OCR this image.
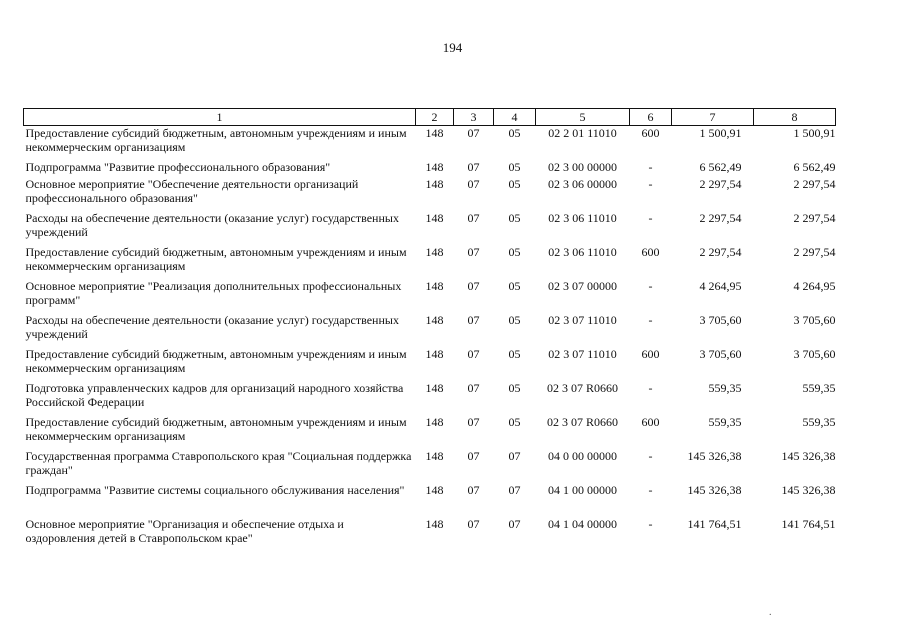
194
1	2	3	4	5	6	7	8
Предоставление субсидий бюджетным, автономным учреждениям и иным некоммерческим организациям	148	07	05	02 2 01 11010	600	1 500,91	1 500,91
Подпрограмма "Развитие профессионального образования"	148	07	05	02 3 00 00000	-	6 562,49	6 562,49
Основное мероприятие "Обеспечение деятельности организаций профессионального образования"	148	07	05	02 3 06 00000	-	2 297,54	2 297,54
Расходы на обеспечение деятельности (оказание услуг) государственных учреждений	148	07	05	02 3 06 11010	-	2 297,54	2 297,54
Предоставление субсидий бюджетным, автономным учреждениям и иным некоммерческим организациям	148	07	05	02 3 06 11010	600	2 297,54	2 297,54
Основное мероприятие "Реализация дополнительных профессиональных программ"	148	07	05	02 3 07 00000	-	4 264,95	4 264,95
Расходы на обеспечение деятельности (оказание услуг) государственных учреждений	148	07	05	02 3 07 11010	-	3 705,60	3 705,60
Предоставление субсидий бюджетным, автономным учреждениям и иным некоммерческим организациям	148	07	05	02 3 07 11010	600	3 705,60	3 705,60
Подготовка управленческих кадров для организаций народного хозяйства Российской Федерации	148	07	05	02 3 07 R0660	-	559,35	559,35
Предоставление субсидий бюджетным, автономным учреждениям и иным некоммерческим организациям	148	07	05	02 3 07 R0660	600	559,35	559,35
Государственная программа Ставропольского края "Социальная поддержка граждан"	148	07	07	04 0 00 00000	-	145 326,38	145 326,38
Подпрограмма "Развитие системы социального обслуживания населения"	148	07	07	04 1 00 00000	-	145 326,38	145 326,38
Основное мероприятие "Организация и обеспечение отдыха и оздоровления детей в Ставропольском крае"	148	07	07	04 1 04 00000	-	141 764,51	141 764,51
.
